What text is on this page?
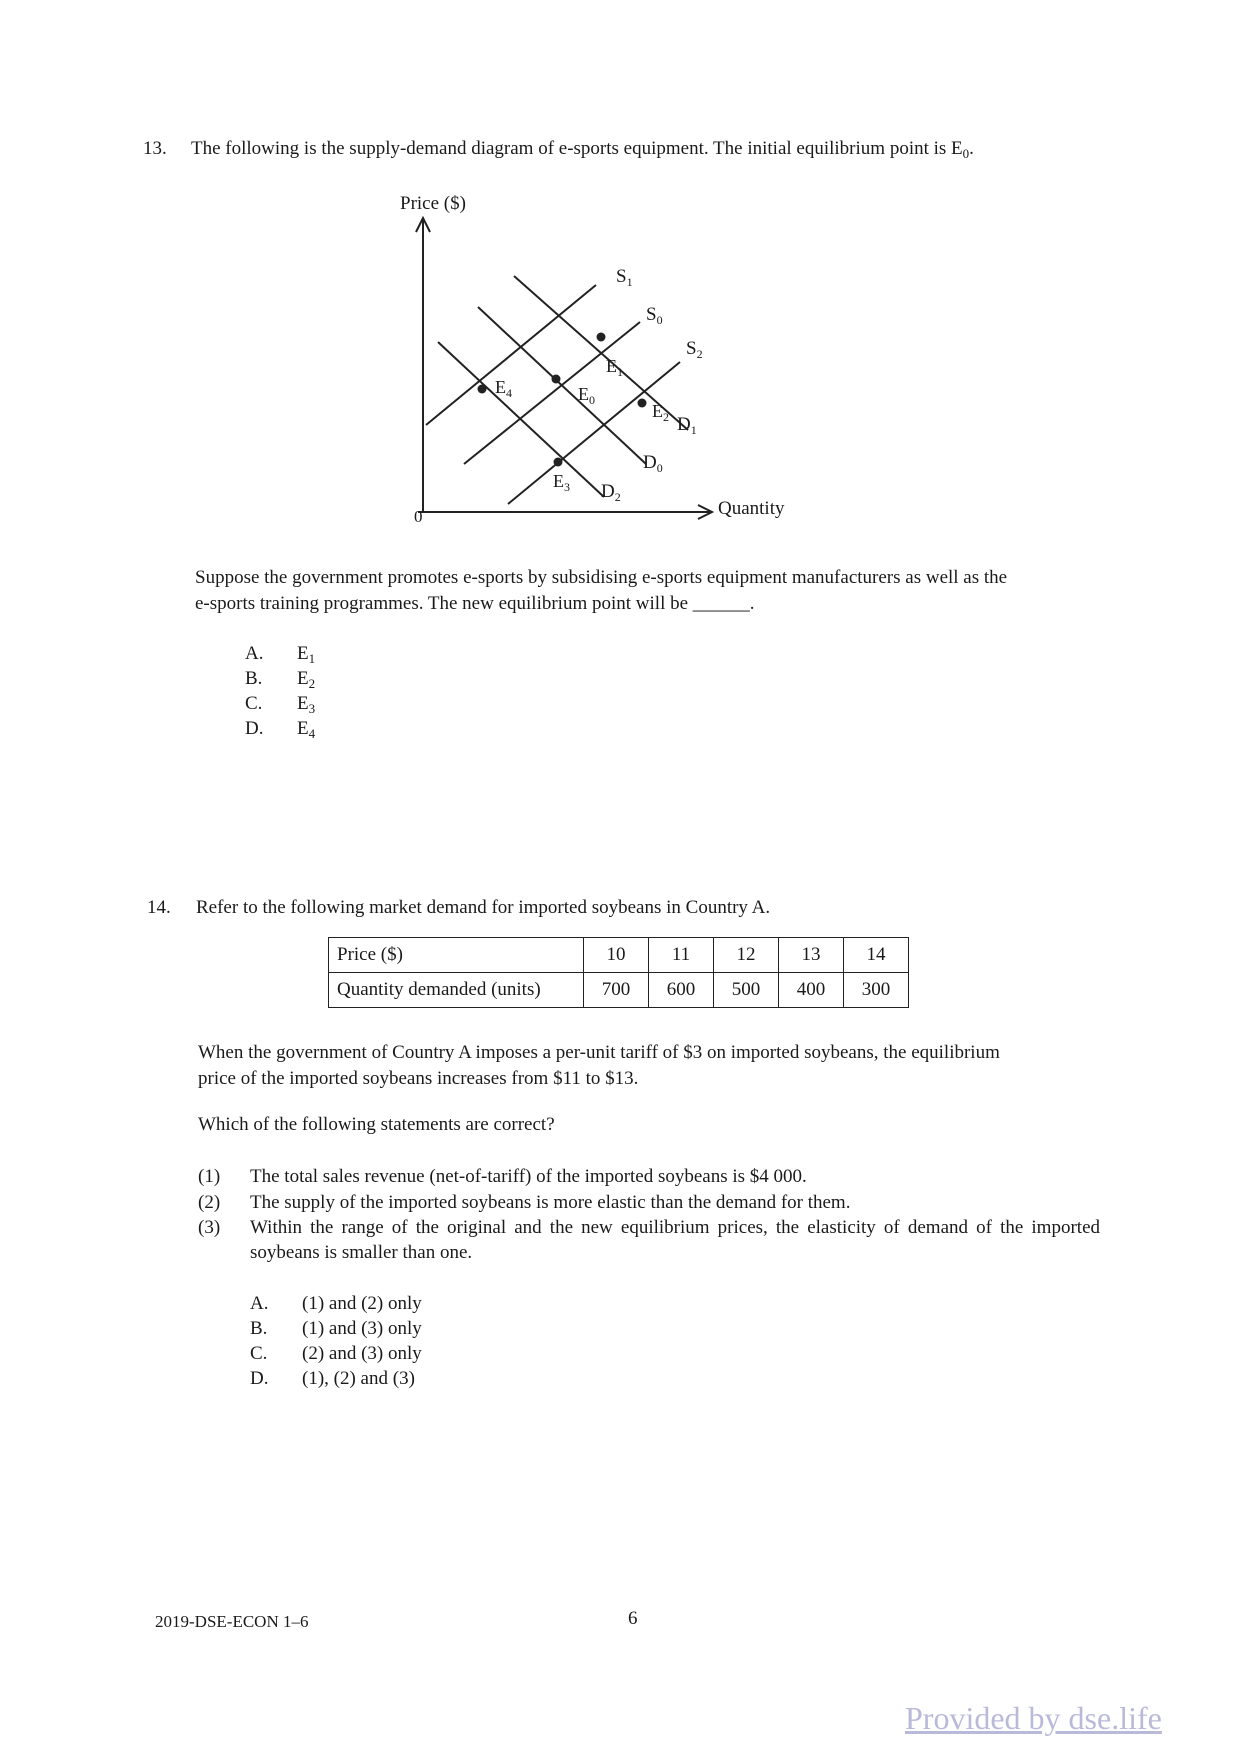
13. The following is the supply-demand diagram of e-sports equipment. The initial equilibrium point is $E_0$.
Price ($)
Quantity
0
$S_1$
$S_0$
$S_2$
$D_1$
$D_0$
$D_2$
$E_4$	$E_0$
$E_1$
$E_2$
$E_3$
Suppose the government promotes e-sports by subsidising e-sports equipment manufacturers as well as the
e-sports training programmes. The new equilibrium point will be ______.
A. $E_1$
B. $E_2$
C. $E_3$
D. $E_4$
14. Refer to the following market demand for imported soybeans in Country A.
Price ($)	10	11	12	13	14
Quantity demanded (units)	700	600	500	400	300
When the government of Country A imposes a per-unit tariff of $3 on imported soybeans, the equilibrium
price of the imported soybeans increases from $11 to $13.
Which of the following statements are correct?
(1) The total sales revenue (net-of-tariff) of the imported soybeans is $4 000.
(2) The supply of the imported soybeans is more elastic than the demand for them.
(3) Within the range of the original and the new equilibrium prices, the elasticity of demand of the imported soybeans is smaller than one.
A. (1) and (2) only
B. (1) and (3) only
C. (2) and (3) only
D. (1), (2) and (3)
2019-DSE-ECON 1–6	6
Provided by dse.life
